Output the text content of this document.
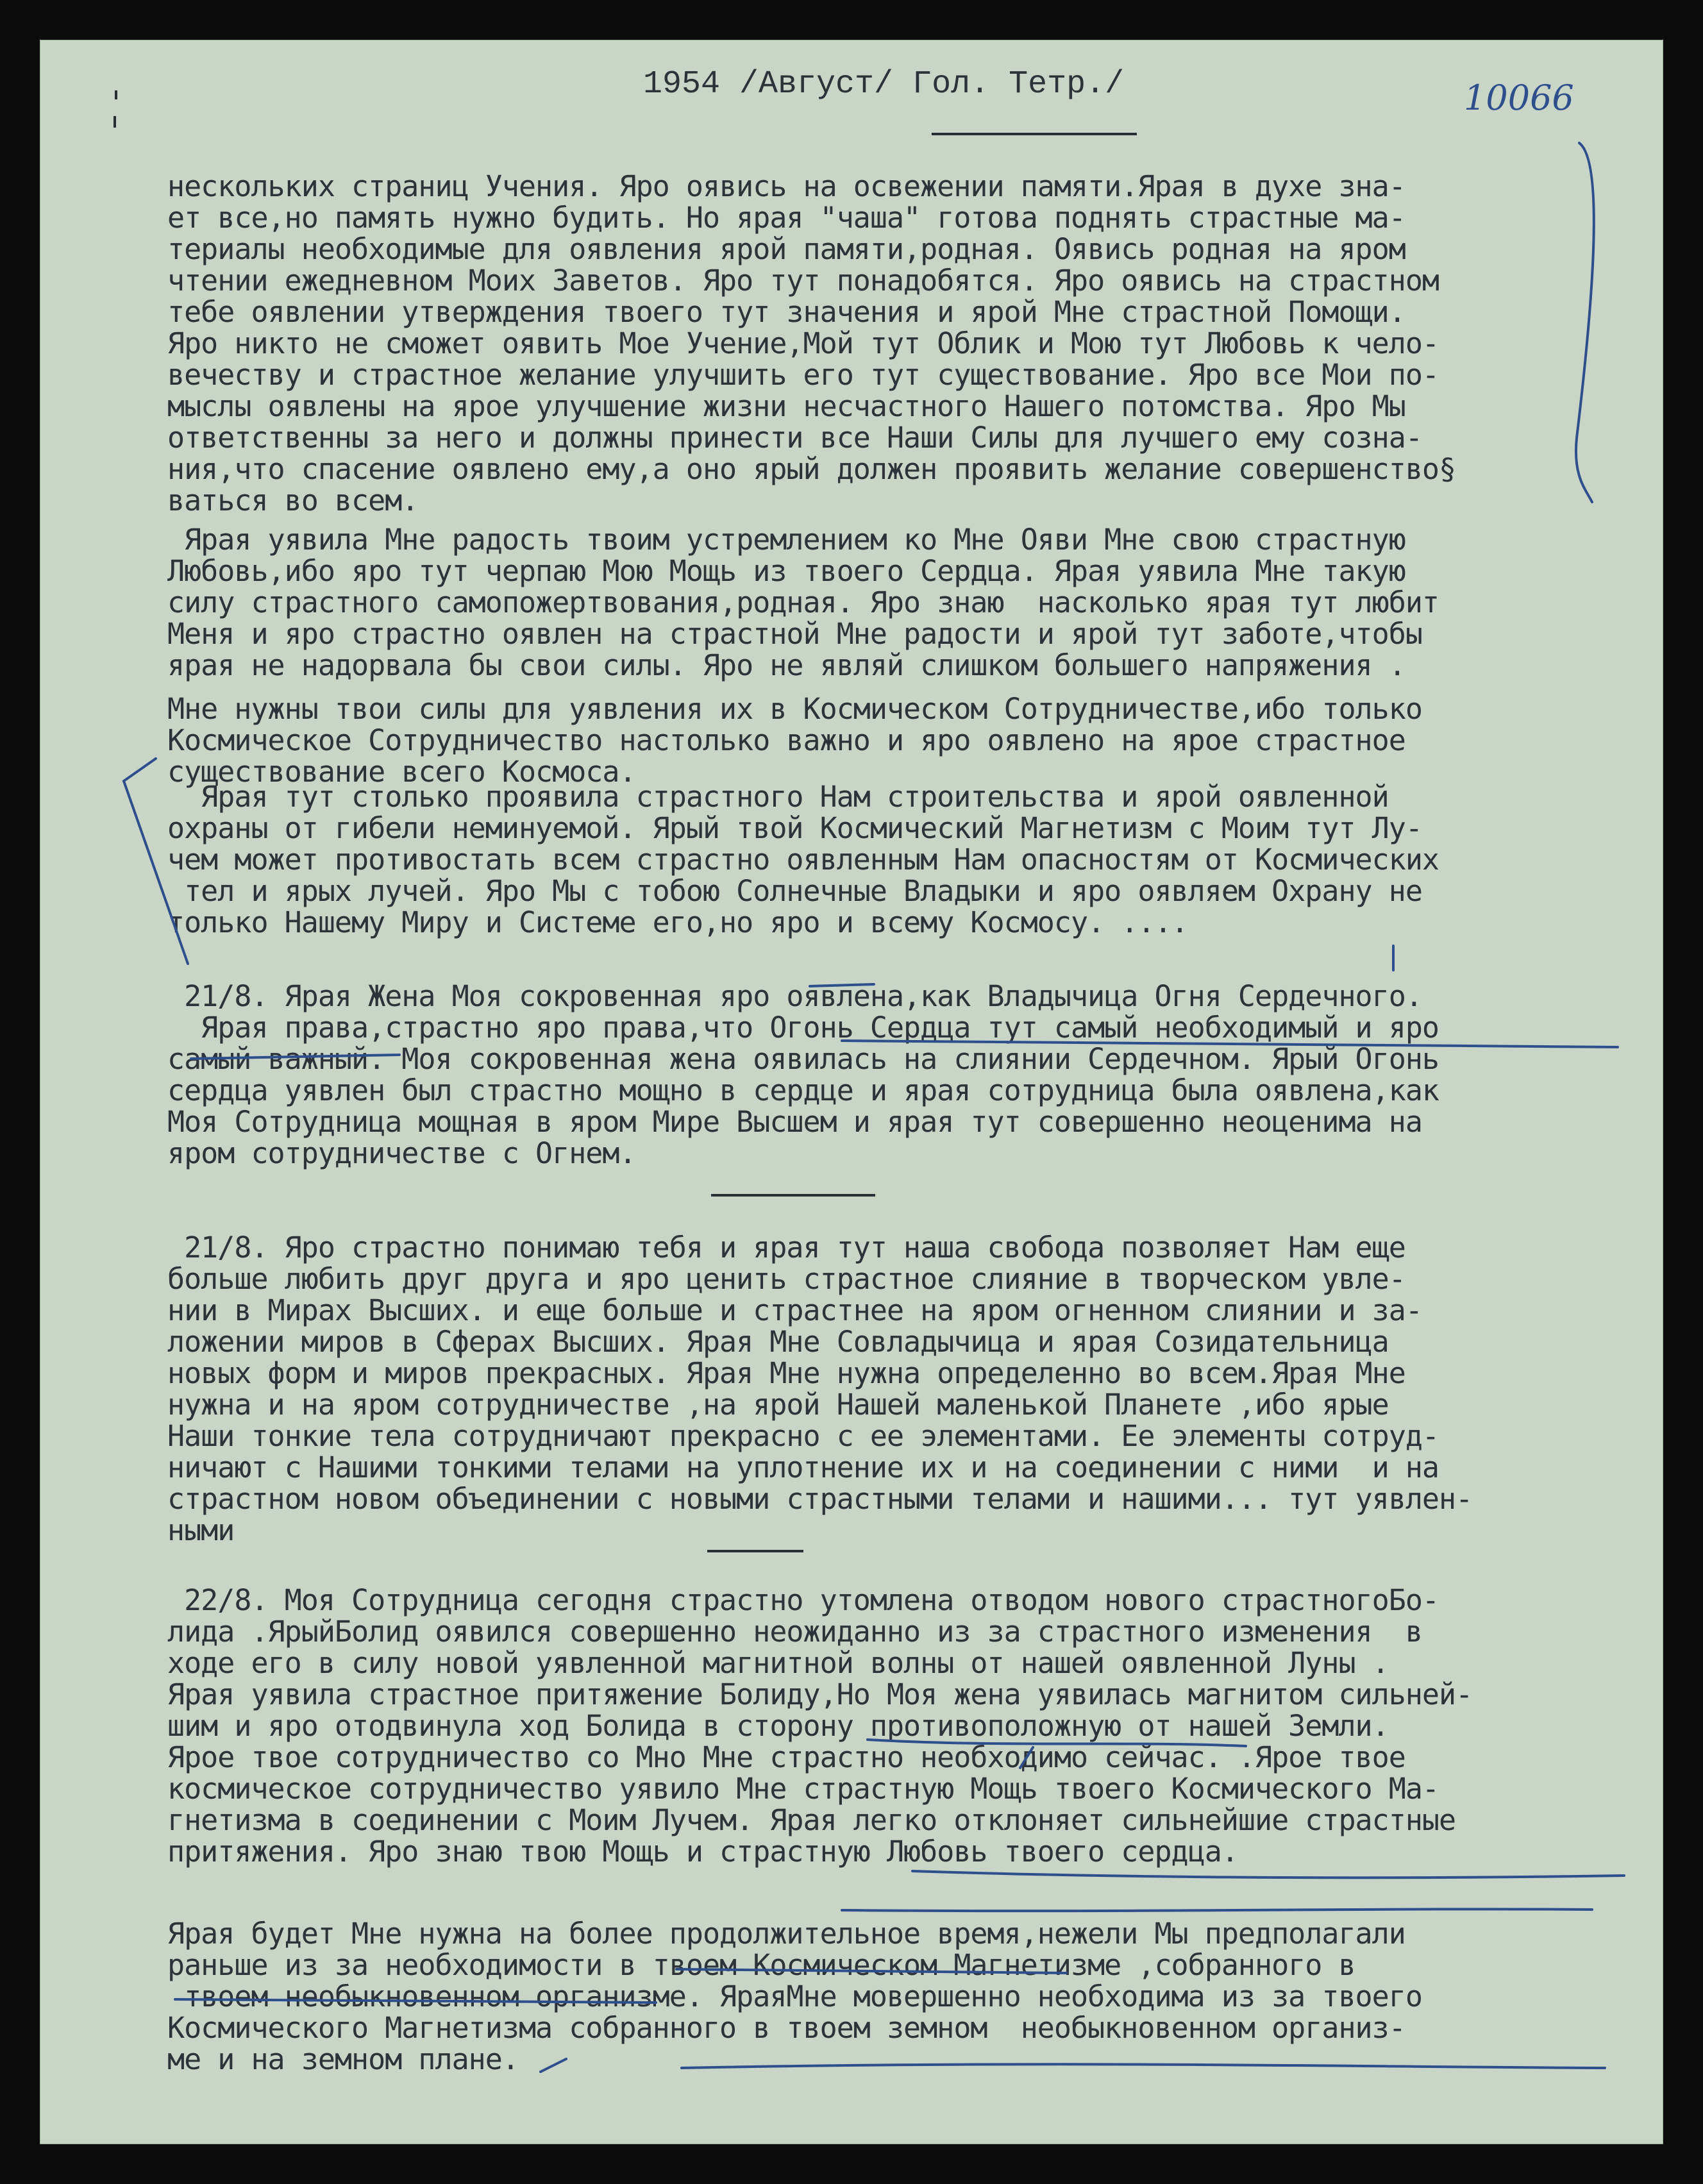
1954 /Август/ Гол. Тетр./	10066

нескольких страниц Учения. Яро оявись на освежении памяти.Ярая в духе зна-
ет все,но память нужно будить. Но ярая "чаша" готова поднять страстные ма-
териалы необходимые для оявления ярой памяти,родная. Оявись родная на яром
чтении ежедневном Моих Заветов. Яро тут понадобятся. Яро оявись на страстном
тебе оявлении утверждения твоего тут значения и ярой Мне страстной Помощи.
Яро никто не сможет оявить Мое Учение,Мой тут Облик и Мою тут Любовь к чело-
вечеству и страстное желание улучшить его тут существование. Яро все Мои по-
мыслы оявлены на ярое улучшение жизни несчастного Нашего потомства. Яро Мы
ответственны за него и должны принести все Наши Силы для лучшего ему сознa-
ния,что спасение оявлено ему,а оно ярый должен проявить желание совершенство§
ваться во всем.
Ярая уявила Мне радость твоим устремлением ко Мне Ояви Мне свою страстную
Любовь,ибо яро тут черпаю Мою Мощь из твоего Сердца. Ярая уявила Мне такую
силу страстного самопожертвования,родная. Яро знаю  насколько ярая тут любит
Меня и яро страстно оявлен на страстной Мне радости и ярой тут заботе,чтобы
ярая не надорвала бы свои силы. Яро не являй слишком большего напряжения .
Мне нужны твои силы для уявления их в Космическом Сотрудничестве,ибо только
Космическое Сотрудничество настолько важно и яро оявлено на ярое страстное
существование всего Космоса.
Ярая тут столько проявила страстного Нам строительства и ярой оявленной
охраны от гибели неминуемой. Ярый твой Космический Магнетизм с Моим тут Лу-
чем может противостать всем страстно оявленным Нам опасностям от Космических
тел и ярых лучей. Яро Мы с тобою Солнечные Владыки и яро оявляем Охрану не
только Нашему Миру и Системе его,но яро и всему Космосу. ....
21/8. Ярая Жена Моя сокровенная яро оявлена,как Владычица Огня Сердечного.
Ярая права,страстно яро права,что Огонь Сердца тут самый необходимый и яро
самый важный. Моя сокровенная жена оявилась на слиянии Сердечном. Ярый Огонь
сердца уявлен был страстно мощно в сердце и ярая сотрудница была оявлена,как
Моя Сотрудница мощная в яром Мире Высшем и ярая тут совершенно неоценима на
яром сотрудничестве с Огнем.
21/8. Яро страстно понимаю тебя и ярая тут наша свобода позволяет Нам еще
больше любить друг друга и яро ценить страстное слияние в творческом увле-
нии в Мирах Высших. и еще больше и страстнее на яром огненном слиянии и за-
ложении миров в Сферах Высших. Ярая Мне Совладычица и ярая Созидательница
новых форм и миров прекрасных. Ярая Мне нужна определенно во всем.Ярая Мне
нужна и на яром сотрудничестве ,на ярой Нашей маленькой Планете ,ибо ярые
Наши тонкие тела сотрудничают прекрасно с ее элементами. Ее элементы сотруд-
ничают с Нашими тонкими телами на уплотнение их и на соединении с ними  и на
страстном новом объединении с новыми страстными телами и нашими... тут уявлен-
ными
22/8. Моя Сотрудница сегодня страстно утомлена отводом нового страстногоБо-
лида .ЯрыйБолид оявился совершенно неожиданно из за страстного изменения  в
ходе его в силу новой уявленной магнитной волны от нашей оявленной Луны .
Ярая уявила страстное притяжение Болиду,Но Моя жена уявилась магнитом сильней-
шим и яро отодвинула ход Болида в сторону противоположную от нашей Земли.
Ярое твое сотрудничество со Мно Мне страстно необходимо сейчас. .Ярое твое
космическое сотрудничество уявило Мне страстную Мощь твоего Космического Ма-
гнетизма в соединении с Моим Лучем. Ярая легко отклоняет сильнейшие страстные
притяжения. Яро знаю твою Мощь и страстную Любовь твоего сердца.
Ярая будет Мне нужна на более продолжительное время,нежели Мы предполагали
раньше из за необходимости в твоем Космическом Магнетизме ,собранного в
твоем необыкновенном организме. ЯраяМне мовершенно необходима из за твоего
Космического Магнетизма собранного в твоем земном  необыкновенном организ-
ме и на земном плане.
